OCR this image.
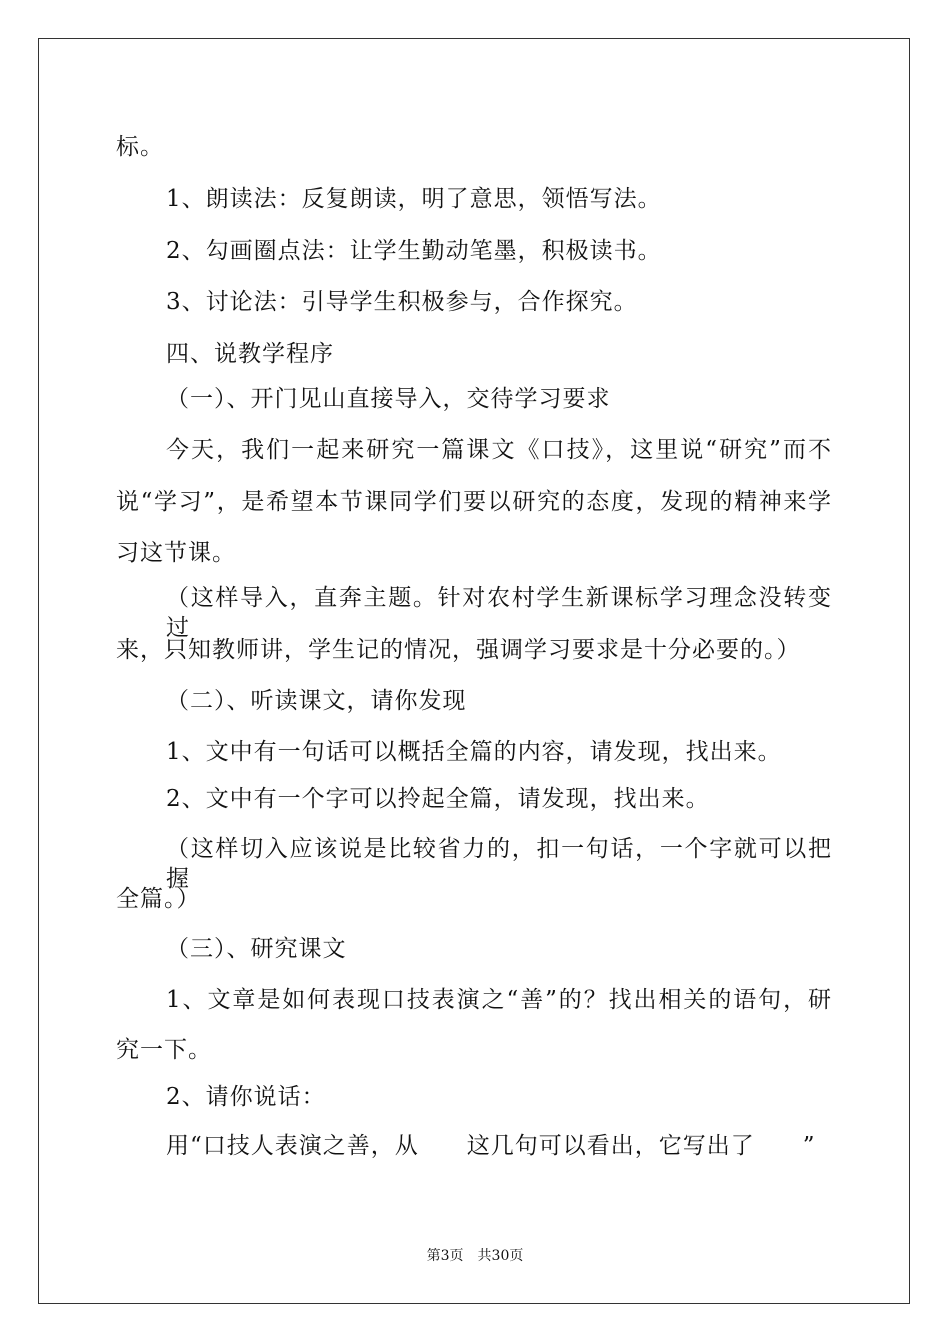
标。
1、朗读法：反复朗读，明了意思，领悟写法。
2、勾画圈点法：让学生勤动笔墨，积极读书。
3、讨论法：引导学生积极参与，合作探究。
四、说教学程序
（一）、开门见山直接导入，交待学习要求
今天，我们一起来研究一篇课文《口技》，这里说“研究”而不
说“学习”，是希望本节课同学们要以研究的态度，发现的精神来学
习这节课。
（这样导入，直奔主题。针对农村学生新课标学习理念没转变过
来，只知教师讲，学生记的情况，强调学习要求是十分必要的。）
（二）、听读课文，请你发现
1、文中有一句话可以概括全篇的内容，请发现，找出来。
2、文中有一个字可以拎起全篇，请发现，找出来。
（这样切入应该说是比较省力的，扣一句话，一个字就可以把握
全篇。）
（三）、研究课文
1、文章是如何表现口技表演之“善”的？找出相关的语句，研
究一下。
2、请你说话：
用“口技人表演之善，从　　这几句可以看出，它写出了　　”
第3页 共30页
